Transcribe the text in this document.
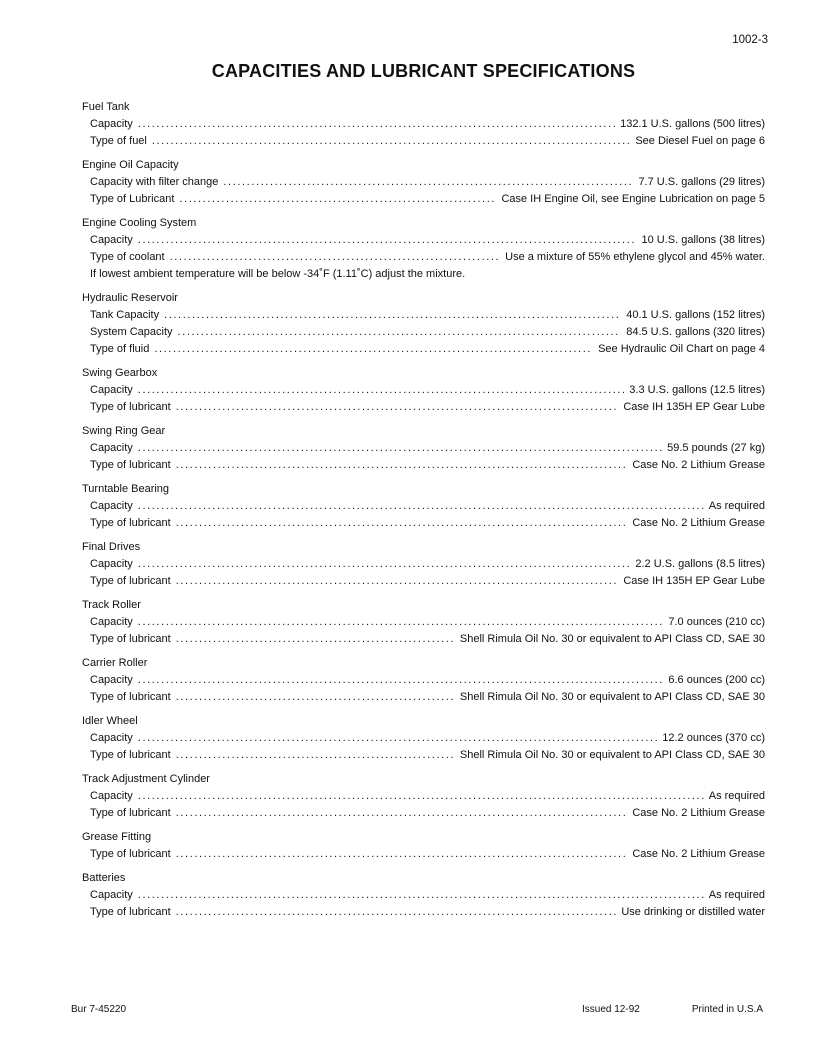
1002-3
CAPACITIES AND LUBRICANT SPECIFICATIONS
Fuel Tank
Capacity .....	132.1 U.S. gallons (500 litres)
Type of fuel .....	See Diesel Fuel on page 6
Engine Oil Capacity
Capacity with filter change .....	7.7 U.S. gallons (29 litres)
Type of Lubricant .....	Case IH Engine Oil, see Engine Lubrication on page 5
Engine Cooling System
Capacity .....	10 U.S. gallons (38 litres)
Type of coolant .....	Use a mixture of 55% ethylene glycol and 45% water.
If lowest ambient temperature will be below -34˚F (1.11˚C) adjust the mixture.
Hydraulic Reservoir
Tank Capacity .....	40.1 U.S. gallons (152 litres)
System Capacity .....	84.5 U.S. gallons (320 litres)
Type of fluid .....	See Hydraulic Oil Chart on page 4
Swing Gearbox
Capacity .....	3.3 U.S. gallons (12.5 litres)
Type of lubricant .....	Case IH 135H EP Gear Lube
Swing Ring Gear
Capacity .....	59.5 pounds (27 kg)
Type of lubricant .....	Case No. 2 Lithium Grease
Turntable Bearing
Capacity .....	As required
Type of lubricant .....	Case No. 2 Lithium Grease
Final Drives
Capacity .....	2.2 U.S. gallons (8.5 litres)
Type of lubricant .....	Case IH 135H EP Gear Lube
Track Roller
Capacity .....	7.0 ounces (210 cc)
Type of lubricant .....	Shell Rimula Oil No. 30 or equivalent to API Class CD, SAE 30
Carrier Roller
Capacity .....	6.6 ounces (200 cc)
Type of lubricant .....	Shell Rimula Oil No. 30 or equivalent to API Class CD, SAE 30
Idler Wheel
Capacity .....	12.2 ounces (370 cc)
Type of lubricant .....	Shell Rimula Oil No. 30 or equivalent to API Class CD, SAE 30
Track Adjustment Cylinder
Capacity .....	As required
Type of lubricant .....	Case No. 2 Lithium Grease
Grease Fitting
Type of lubricant .....	Case No. 2 Lithium Grease
Batteries
Capacity .....	As required
Type of lubricant .....	Use drinking or distilled water
Bur 7-45220	Issued 12-92	Printed in U.S.A
